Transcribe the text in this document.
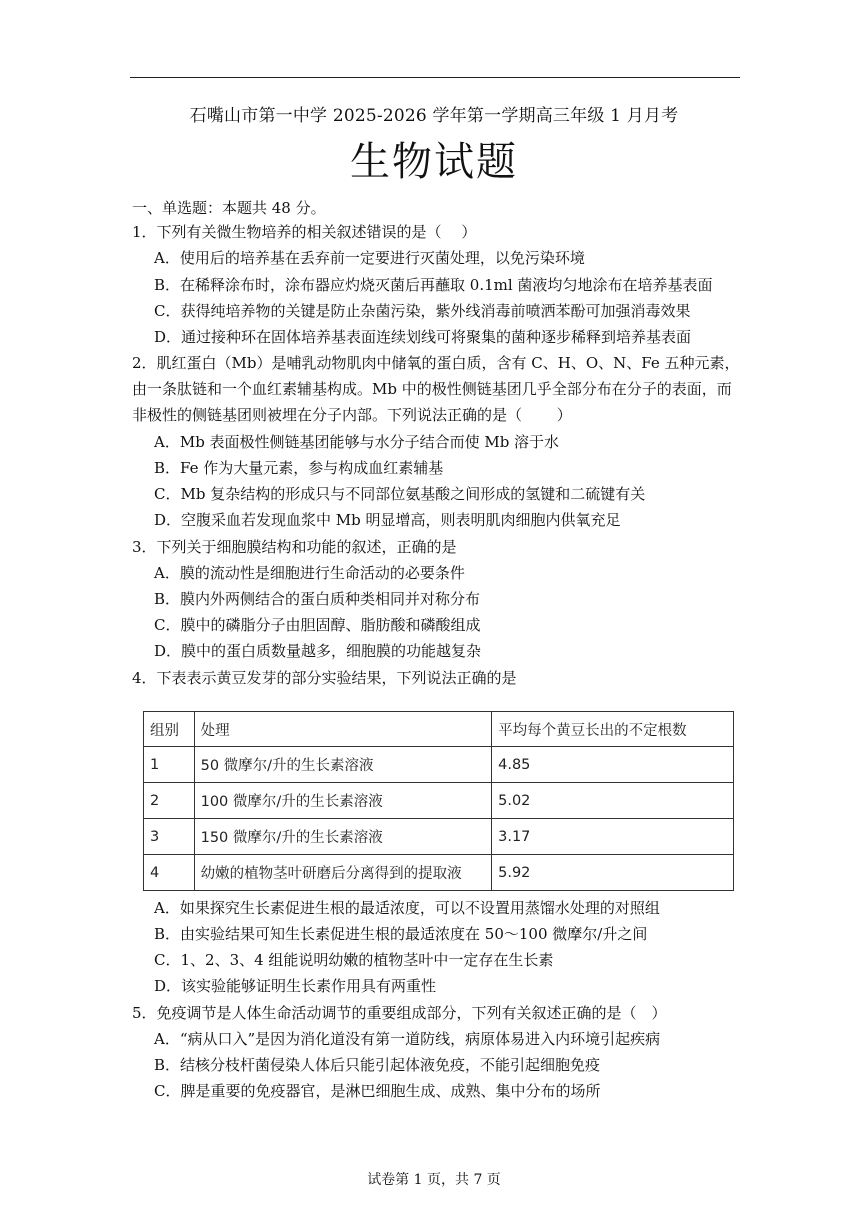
石嘴山市第一中学 2025-2026 学年第一学期高三年级 1 月月考
生物试题
一、单选题：本题共 48 分。
1．下列有关微生物培养的相关叙述错误的是（　 ）
A．使用后的培养基在丢弃前一定要进行灭菌处理，以免污染环境
B．在稀释涂布时，涂布器应灼烧灭菌后再蘸取 0.1ml 菌液均匀地涂布在培养基表面
C．获得纯培养物的关键是防止杂菌污染，紫外线消毒前喷洒苯酚可加强消毒效果
D．通过接种环在固体培养基表面连续划线可将聚集的菌种逐步稀释到培养基表面
2．肌红蛋白（Mb）是哺乳动物肌肉中储氧的蛋白质，含有 C、H、O、N、Fe 五种元素，
由一条肽链和一个血红素辅基构成。Mb 中的极性侧链基团几乎全部分布在分子的表面，而
非极性的侧链基团则被埋在分子内部。下列说法正确的是（　　 ）
A．Mb 表面极性侧链基团能够与水分子结合而使 Mb 溶于水
B．Fe 作为大量元素，参与构成血红素辅基
C．Mb 复杂结构的形成只与不同部位氨基酸之间形成的氢键和二硫键有关
D．空腹采血若发现血浆中 Mb 明显增高，则表明肌肉细胞内供氧充足
3．下列关于细胞膜结构和功能的叙述，正确的是
A．膜的流动性是细胞进行生命活动的必要条件
B．膜内外两侧结合的蛋白质种类相同并对称分布
C．膜中的磷脂分子由胆固醇、脂肪酸和磷酸组成
D．膜中的蛋白质数量越多，细胞膜的功能越复杂
4．下表表示黄豆发芽的部分实验结果，下列说法正确的是
组别	处理	平均每个黄豆长出的不定根数
1	50 微摩尔/升的生长素溶液	4.85
2	100 微摩尔/升的生长素溶液	5.02
3	150 微摩尔/升的生长素溶液	3.17
4	幼嫩的植物茎叶研磨后分离得到的提取液	5.92
A．如果探究生长素促进生根的最适浓度，可以不设置用蒸馏水处理的对照组
B．由实验结果可知生长素促进生根的最适浓度在 50～100 微摩尔/升之间
C．1、2、3、4 组能说明幼嫩的植物茎叶中一定存在生长素
D．该实验能够证明生长素作用具有两重性
5．免疫调节是人体生命活动调节的重要组成部分，下列有关叙述正确的是（　）
A．“病从口入”是因为消化道没有第一道防线，病原体易进入内环境引起疾病
B．结核分枝杆菌侵染人体后只能引起体液免疫，不能引起细胞免疫
C．脾是重要的免疫器官，是淋巴细胞生成、成熟、集中分布的场所
试卷第 1 页，共 7 页
